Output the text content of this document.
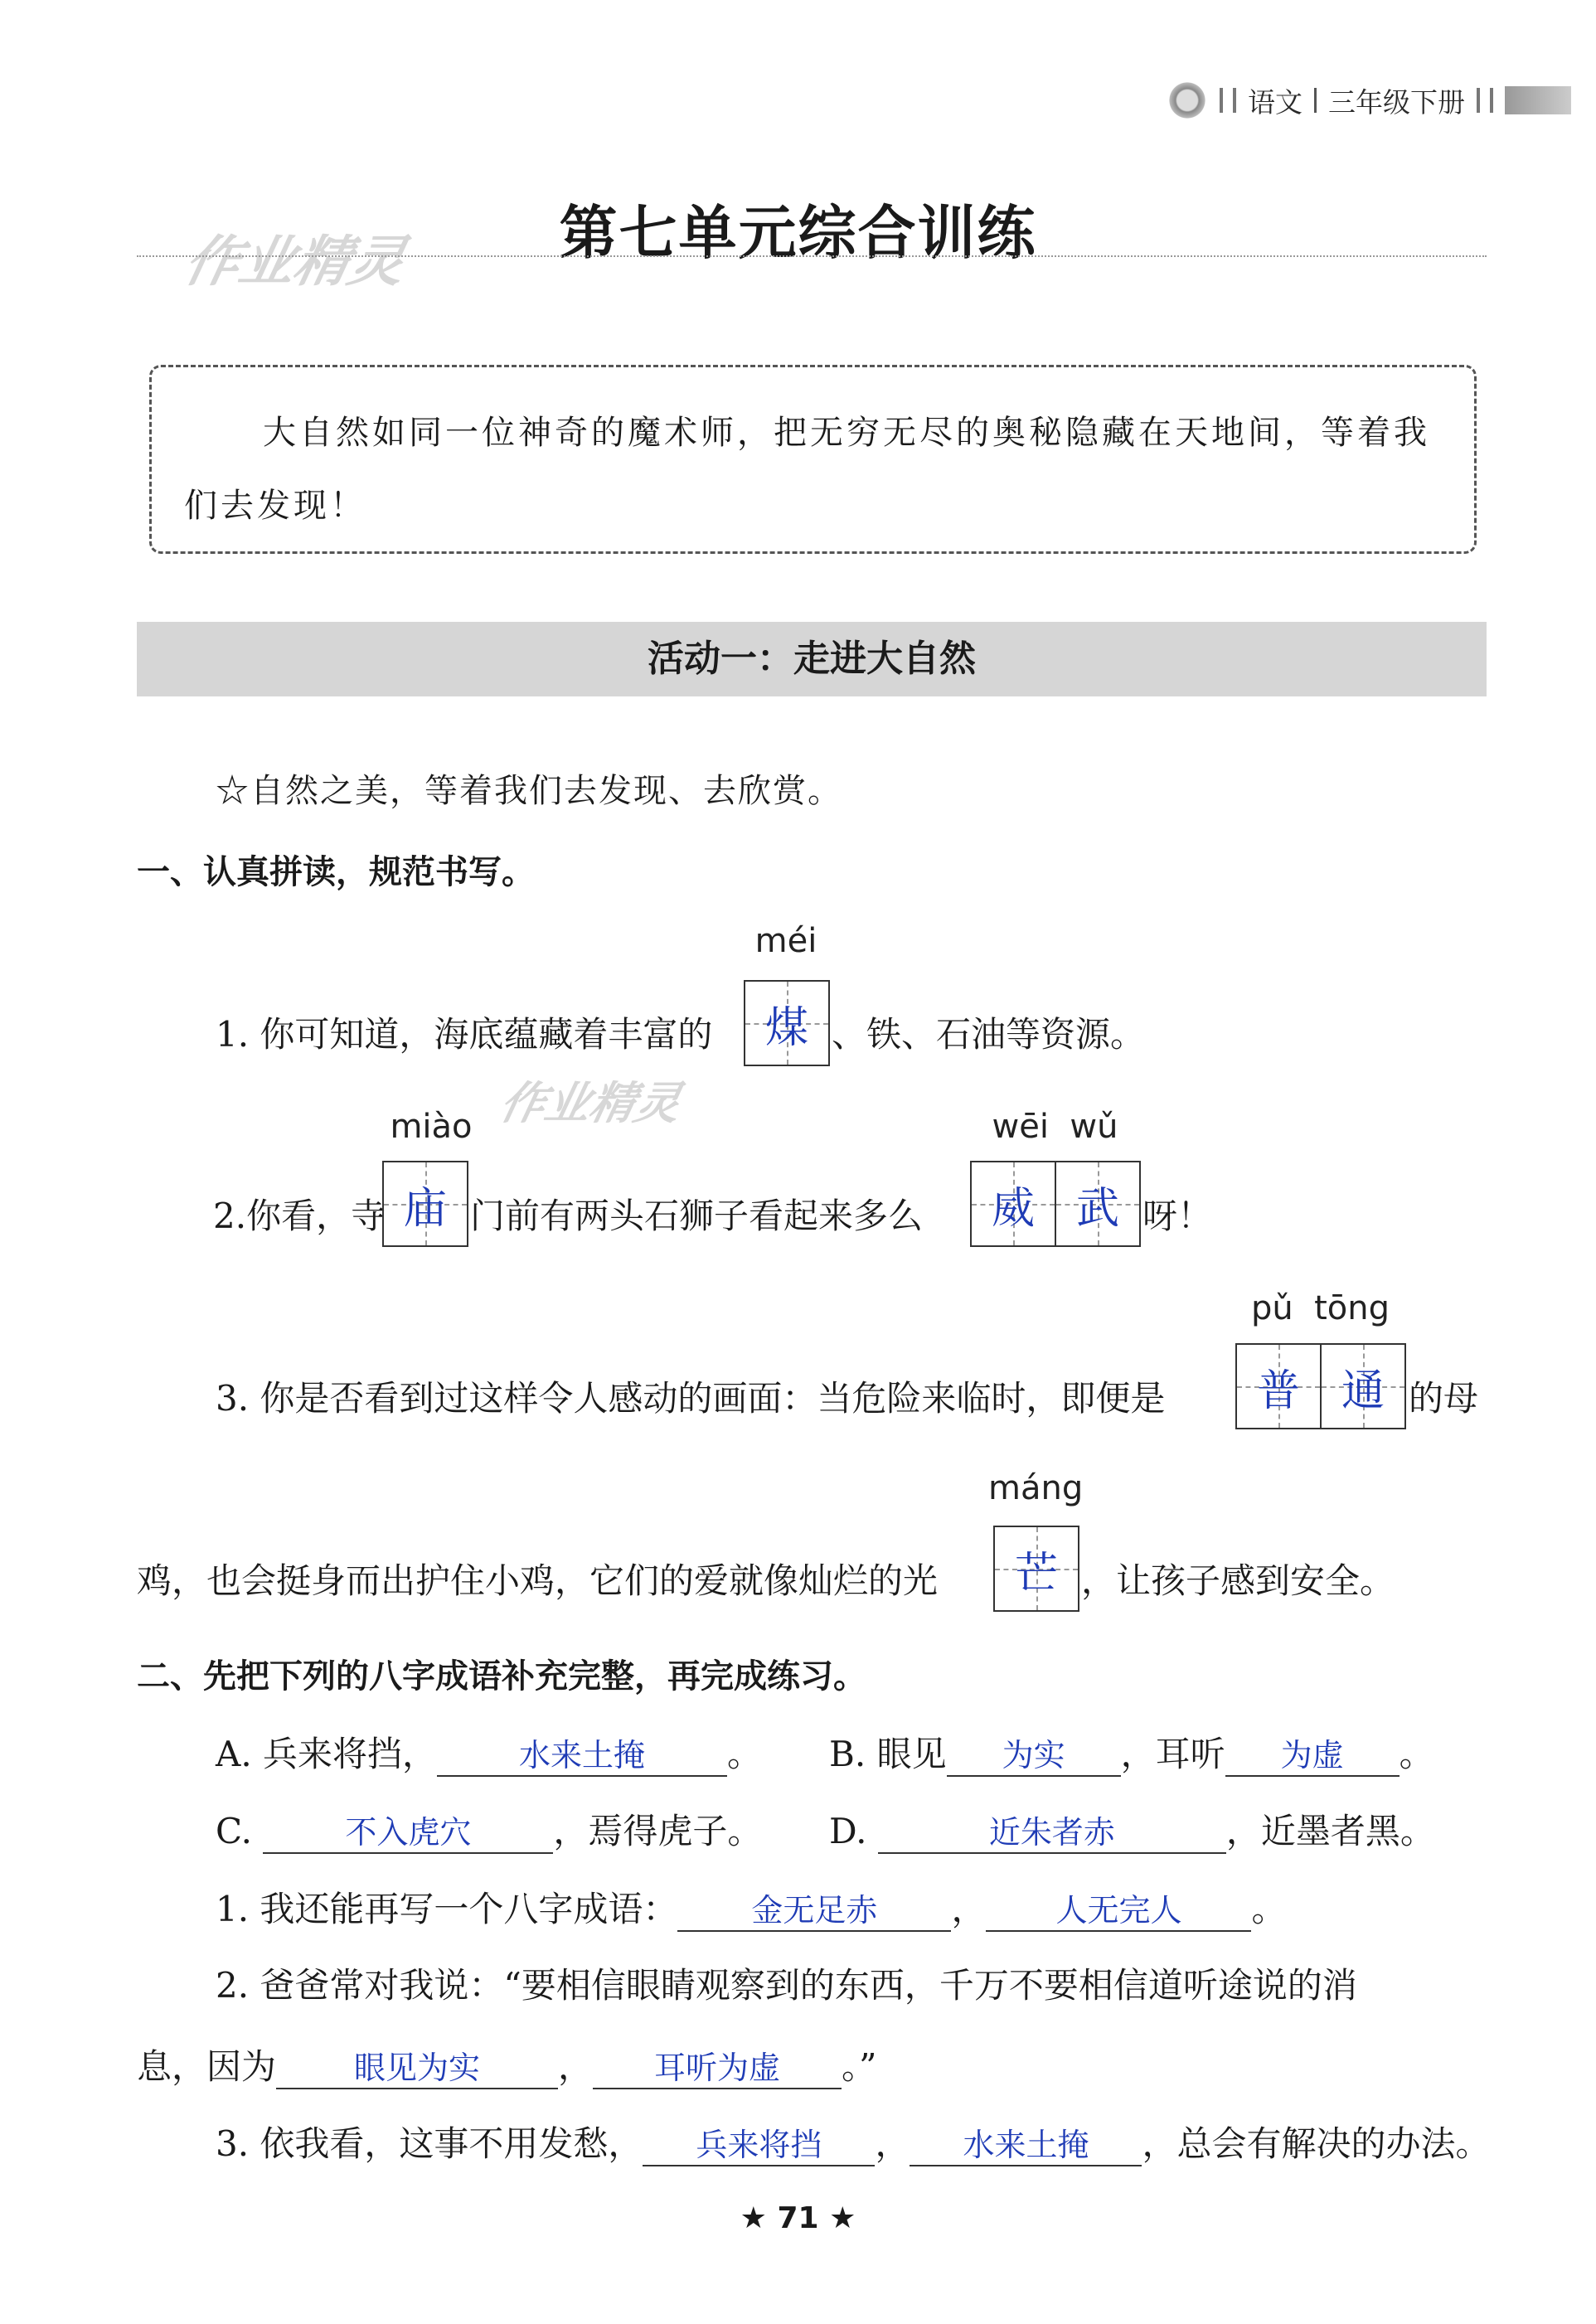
语文 三年级下册
第七单元综合训练
作业精灵
大自然如同一位神奇的魔术师，把无穷无尽的奥秘隐藏在天地间，等着我们去发现！
活动一：走进大自然
☆自然之美，等着我们去发现、去欣赏。
一、认真拼读，规范书写。
méi
1. 你可知道，海底蕴藏着丰富的 煤 、铁、石油等资源。
作业精灵
miào	wēi  wǔ
2.你看，寺 庙 门前有两头石狮子看起来多么 威 武 呀！
pǔ  tōng
3. 你是否看到过这样令人感动的画面：当危险来临时，即便是 普 通 的母
máng
鸡，也会挺身而出护住小鸡，它们的爱就像灿烂的光 芒 ，让孩子感到安全。
二、先把下列的八字成语补充完整，再完成练习。
A. 兵来将挡，	水来土掩 。 B. 眼见 为实 ，耳听 为虚 。
C.	不入虎穴 ，焉得虎子。 D.	近朱者赤	，近墨者黑。
1. 我还能再写一个八字成语： 金无足赤 ， 人无完人 。
2. 爸爸常对我说：“要相信眼睛观察到的东西，千万不要相信道听途说的消
息，因为 眼见为实 ， 耳听为虚 。”
3. 依我看，这事不用发愁， 兵来将挡 ， 水来土掩 ，总会有解决的办法。
★ 71 ★
